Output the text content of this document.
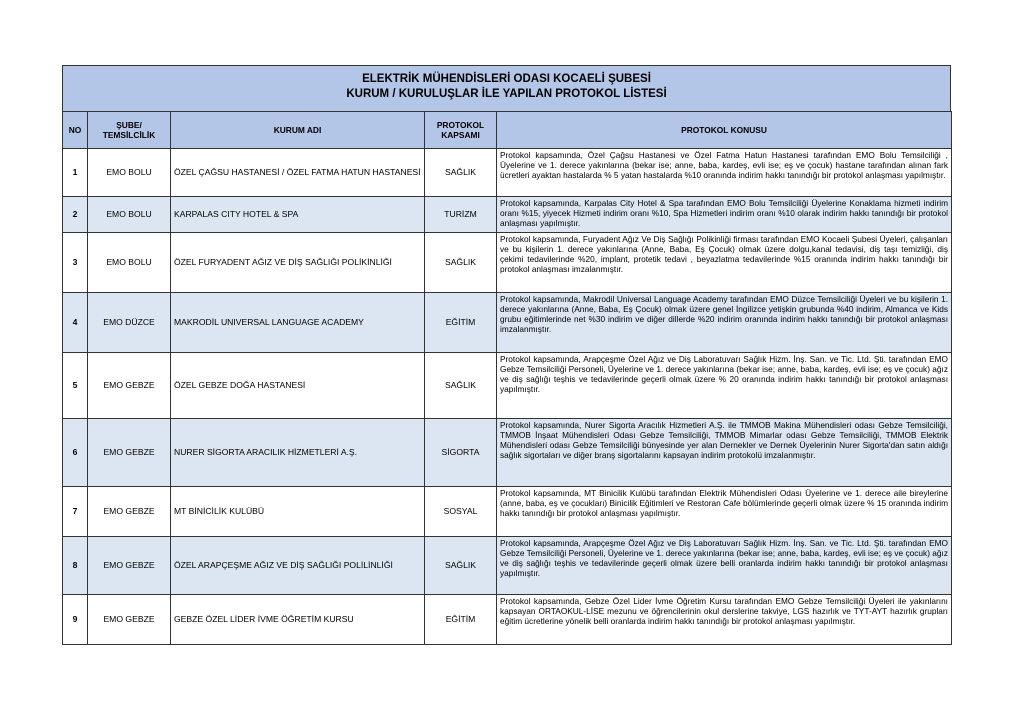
ELEKTRİK MÜHENDİSLERİ ODASI KOCAELİ ŞUBESİ
KURUM / KURULUŞLAR İLE YAPILAN PROTOKOL LİSTESİ
NO	ŞUBE/ TEMSİLCİLİK	KURUM ADI	PROTOKOL KAPSAMI	PROTOKOL KONUSU
1	EMO BOLU	ÖZEL ÇAĞSU HASTANESİ / ÖZEL FATMA HATUN HASTANESİ	SAĞLIK	Protokol kapsamında, Özel Çağsu Hastanesi ve Özel Fatma Hatun Hastanesi tarafından EMO Bolu Temsilciliği , Üyelerine ve 1. derece yakınlarına (bekar ise; anne, baba, kardeş, evli ise; eş ve çocuk) hastane tarafından alınan fark ücretleri ayaktan hastalarda % 5 yatan hastalarda %10 oranında indirim hakkı tanındığı bir protokol anlaşması yapılmıştır.
2	EMO BOLU	KARPALAS CITY HOTEL & SPA	TURİZM	Protokol kapsamında, Karpalas City Hotel & Spa tarafından EMO Bolu Temsilciliği Üyelerine Konaklama hizmeti indirim oranı %15, yiyecek Hizmeti indirim oranı %10, Spa Hizmetleri indirim oranı %10 olarak indirim hakkı tanındığı bir protokol anlaşması yapılmıştır.
3	EMO BOLU	ÖZEL FURYADENT AĞIZ VE DİŞ SAĞLIĞI POLİKİNLİĞİ	SAĞLIK	Protokol kapsamında, Furyadent Ağız Ve Diş Sağlığı Polikinliği firması tarafından EMO Kocaeli Şubesi Üyeleri, çalışanları ve bu kişilerin 1. derece yakınlarına (Anne, Baba, Eş Çocuk) olmak üzere dolgu,kanal tedavisi, diş taşı temizliği, diş çekimi tedavilerinde %20, implant, protetik tedavi , beyazlatma tedavilerinde %15 oranında indirim hakkı tanındığı bir protokol anlaşması imzalanmıştır.
4	EMO DÜZCE	MAKRODİL UNIVERSAL LANGUAGE ACADEMY	EĞİTİM	Protokol kapsamında, Makrodil Universal Language Academy tarafından EMO Düzce Temsilciliği Üyeleri ve bu kişilerin 1. derece yakınlarına (Anne, Baba, Eş Çocuk) olmak üzere genel İngilizce yetişkin grubunda %40 indirim, Almanca ve Kids grubu eğitimlerinde net %30 indirim ve diğer dillerde %20 indirim oranında indirim hakkı tanındığı bir protokol anlaşması imzalanmıştır.
5	EMO GEBZE	ÖZEL GEBZE DOĞA HASTANESİ	SAĞLIK	Protokol kapsamında, Arapçeşme Özel Ağız ve Diş Laboratuvarı Sağlık Hizm. İnş. San. ve Tic. Ltd. Şti. tarafından EMO Gebze Temsilciliği Personeli, Üyelerine ve 1. derece yakınlarına (bekar ise; anne, baba, kardeş, evli ise; eş ve çocuk) ağız ve diş sağlığı teşhis ve tedavilerinde geçerli olmak üzere % 20 oranında indirim hakkı tanındığı bir protokol anlaşması yapılmıştır.
6	EMO GEBZE	NURER SİGORTA ARACILIK HİZMETLERİ A.Ş.	SİGORTA	Protokol kapsamında, Nurer Sigorta Aracılık Hizmetleri A.Ş. ile TMMOB Makina Mühendisleri odası Gebze Temsilciliği, TMMOB İnşaat Mühendisleri Odası Gebze Temsilciliği, TMMOB Mimarlar odası Gebze Temsilciliği, TMMOB Elektrik Mühendisleri odası Gebze Temsilciliği bünyesinde yer alan Dernekler ve Dernek Üyelerinin Nurer Sigorta'dan satın aldığı sağlık sigortaları ve diğer branş sigortalarını kapsayan indirim protokolü imzalanmıştır.
7	EMO GEBZE	MT BİNİCİLİK KULÜBÜ	SOSYAL	Protokol kapsamında, MT Binicilik Kulübü tarafından Elektrik Mühendisleri Odası Üyelerine ve 1. derece aile bireylerine (anne, baba, eş ve çocukları) Binicilik Eğitimleri ve Restoran Cafe bölümlerinde geçerli olmak üzere % 15 oranında indirim hakkı tanındığı bir protokol anlaşması yapılmıştır.
8	EMO GEBZE	ÖZEL ARAPÇEŞME AĞIZ VE DİŞ SAĞLIĞI POLİLİNLİĞİ	SAĞLIK	Protokol kapsamında, Arapçeşme Özel Ağız ve Diş Laboratuvarı Sağlık Hizm. İnş. San. ve Tic. Ltd. Şti. tarafından EMO Gebze Temsilciliği Personeli, Üyelerine ve 1. derece yakınlarına (bekar ise; anne, baba, kardeş, evli ise; eş ve çocuk) ağız ve diş sağlığı teşhis ve tedavilerinde geçerli olmak üzere belli oranlarda indirim hakkı tanındığı bir protokol anlaşması yapılmıştır.
9	EMO GEBZE	GEBZE ÖZEL LİDER İVME ÖĞRETİM KURSU	EĞİTİM	Protokol kapsamında, Gebze Özel Lider İvme Öğretim Kursu tarafından EMO Gebze Temsilciliği Üyeleri ile yakınlarını kapsayan ORTAOKUL-LİSE mezunu ve öğrencilerinin okul derslerine takviye, LGS hazırlık ve TYT-AYT hazırlık grupları eğitim ücretlerine yönelik belli oranlarda indirim hakkı tanındığı bir protokol anlaşması yapılmıştır.
